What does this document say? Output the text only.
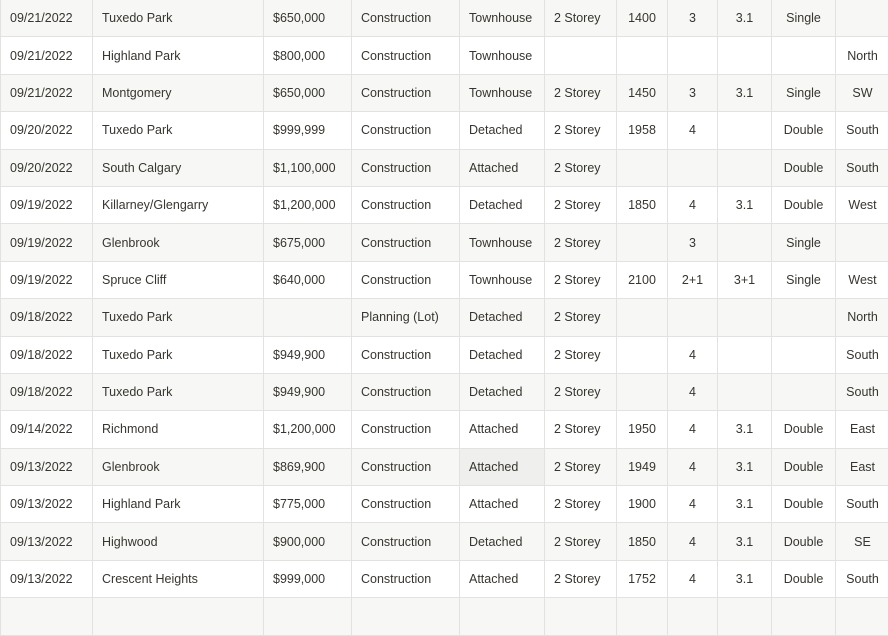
09/21/2022	Tuxedo Park	$650,000	Construction	Townhouse	2 Storey	1400	3	3.1	Single	
09/21/2022	Highland Park	$800,000	Construction	Townhouse						North
09/21/2022	Montgomery	$650,000	Construction	Townhouse	2 Storey	1450	3	3.1	Single	SW
09/20/2022	Tuxedo Park	$999,999	Construction	Detached	2 Storey	1958	4		Double	South
09/20/2022	South Calgary	$1,100,000	Construction	Attached	2 Storey				Double	South
09/19/2022	Killarney/Glengarry	$1,200,000	Construction	Detached	2 Storey	1850	4	3.1	Double	West
09/19/2022	Glenbrook	$675,000	Construction	Townhouse	2 Storey		3		Single	
09/19/2022	Spruce Cliff	$640,000	Construction	Townhouse	2 Storey	2100	2+1	3+1	Single	West
09/18/2022	Tuxedo Park		Planning (Lot)	Detached	2 Storey					North
09/18/2022	Tuxedo Park	$949,900	Construction	Detached	2 Storey		4			South
09/18/2022	Tuxedo Park	$949,900	Construction	Detached	2 Storey		4			South
09/14/2022	Richmond	$1,200,000	Construction	Attached	2 Storey	1950	4	3.1	Double	East
09/13/2022	Glenbrook	$869,900	Construction	Attached	2 Storey	1949	4	3.1	Double	East
09/13/2022	Highland Park	$775,000	Construction	Attached	2 Storey	1900	4	3.1	Double	South
09/13/2022	Highwood	$900,000	Construction	Detached	2 Storey	1850	4	3.1	Double	SE
09/13/2022	Crescent Heights	$999,000	Construction	Attached	2 Storey	1752	4	3.1	Double	South
